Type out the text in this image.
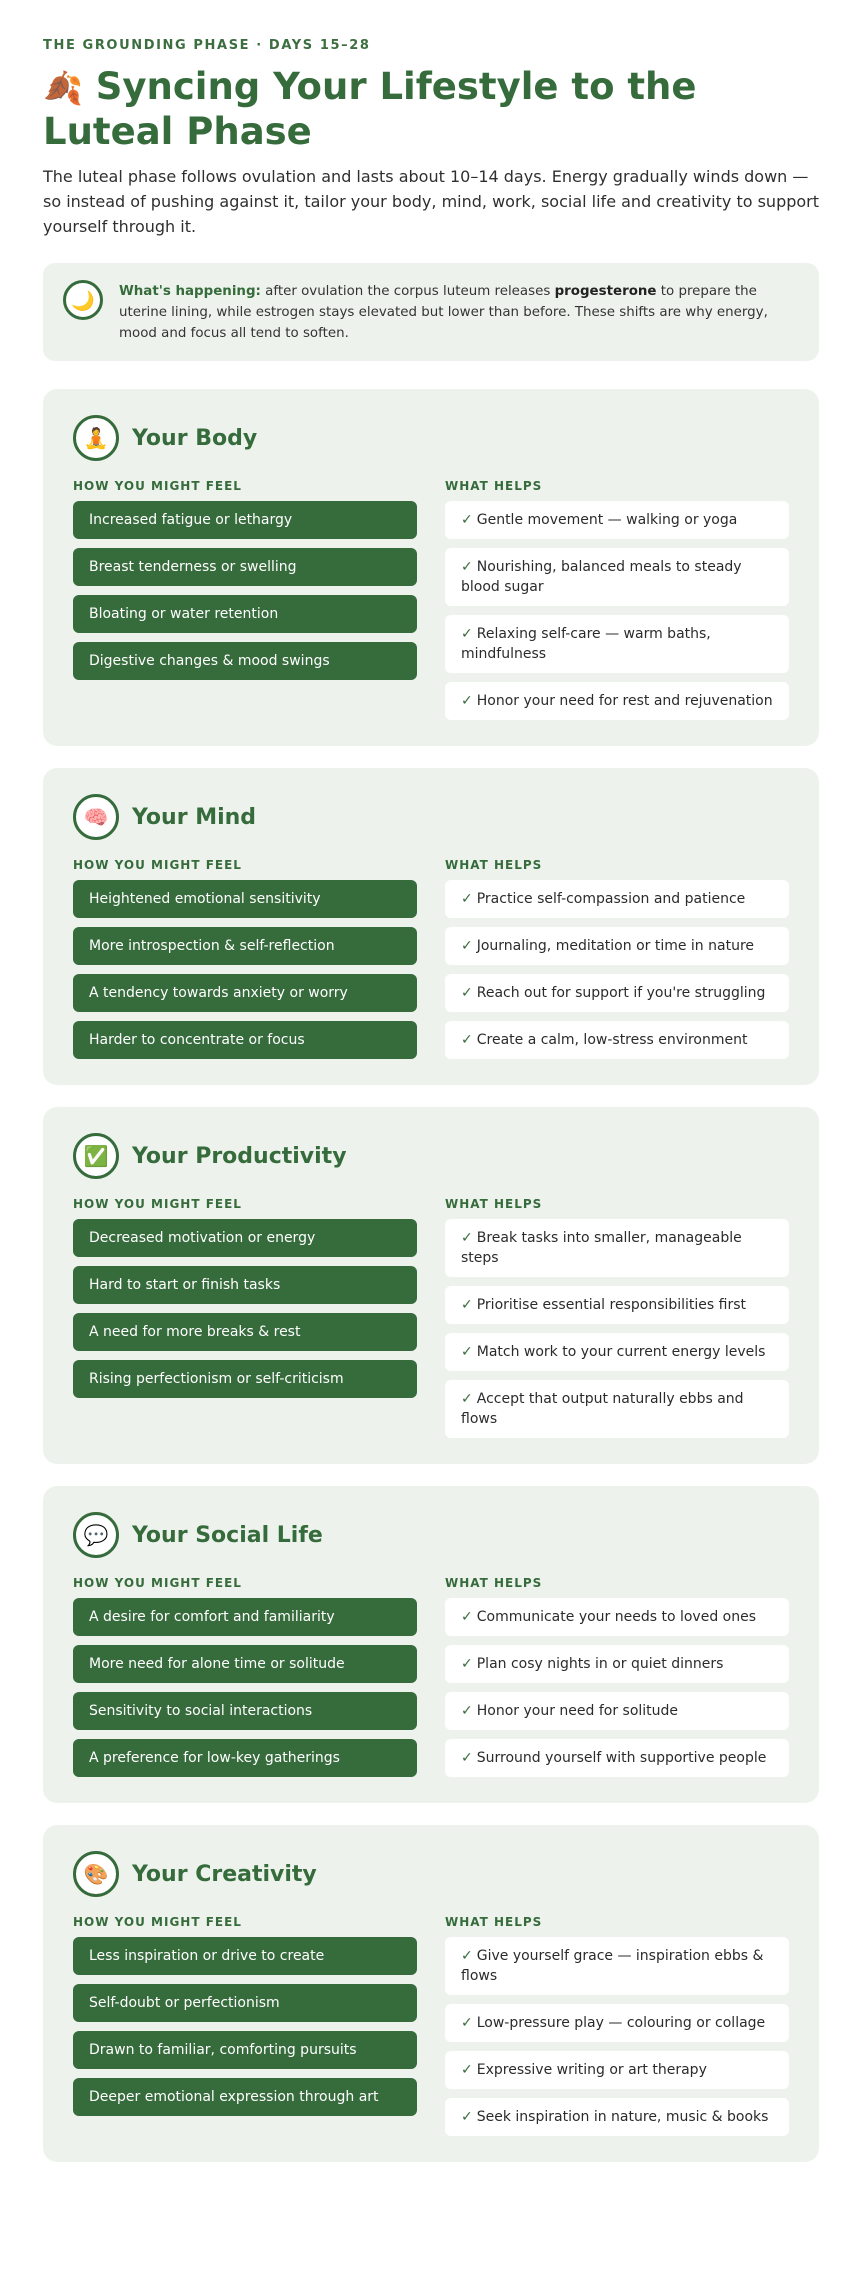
THE GROUNDING PHASE · DAYS 15–28
🍂 Syncing Your Lifestyle to the Luteal Phase

The luteal phase follows ovulation and lasts about 10–14 days. Energy gradually winds down — so instead of pushing against it, tailor your body, mind, work, social life and creativity to support yourself through it.

🌙	What's happening: after ovulation the corpus luteum releases progesterone to prepare the uterine lining, while estrogen stays elevated but lower than before. These shifts are why energy, mood and focus all tend to soften.
🧘	Your Body
HOW YOU MIGHT FEEL
Increased fatigue or lethargy
Breast tenderness or swelling
Bloating or water retention
Digestive changes & mood swings
WHAT HELPS
✓ Gentle movement — walking or yoga
✓ Nourishing, balanced meals to steady blood sugar
✓ Relaxing self-care — warm baths, mindfulness
✓ Honor your need for rest and rejuvenation
🧠	Your Mind
HOW YOU MIGHT FEEL
Heightened emotional sensitivity
More introspection & self-reflection
A tendency towards anxiety or worry
Harder to concentrate or focus
WHAT HELPS
✓ Practice self-compassion and patience
✓ Journaling, meditation or time in nature
✓ Reach out for support if you're struggling
✓ Create a calm, low-stress environment
✅	Your Productivity
HOW YOU MIGHT FEEL
Decreased motivation or energy
Hard to start or finish tasks
A need for more breaks & rest
Rising perfectionism or self-criticism
WHAT HELPS
✓ Break tasks into smaller, manageable steps
✓ Prioritise essential responsibilities first
✓ Match work to your current energy levels
✓ Accept that output naturally ebbs and flows
💬	Your Social Life
HOW YOU MIGHT FEEL
A desire for comfort and familiarity
More need for alone time or solitude
Sensitivity to social interactions
A preference for low-key gatherings
WHAT HELPS
✓ Communicate your needs to loved ones
✓ Plan cosy nights in or quiet dinners
✓ Honor your need for solitude
✓ Surround yourself with supportive people
🎨	Your Creativity
HOW YOU MIGHT FEEL
Less inspiration or drive to create
Self-doubt or perfectionism
Drawn to familiar, comforting pursuits
Deeper emotional expression through art
WHAT HELPS
✓ Give yourself grace — inspiration ebbs & flows
✓ Low-pressure play — colouring or collage
✓ Expressive writing or art therapy
✓ Seek inspiration in nature, music & books
